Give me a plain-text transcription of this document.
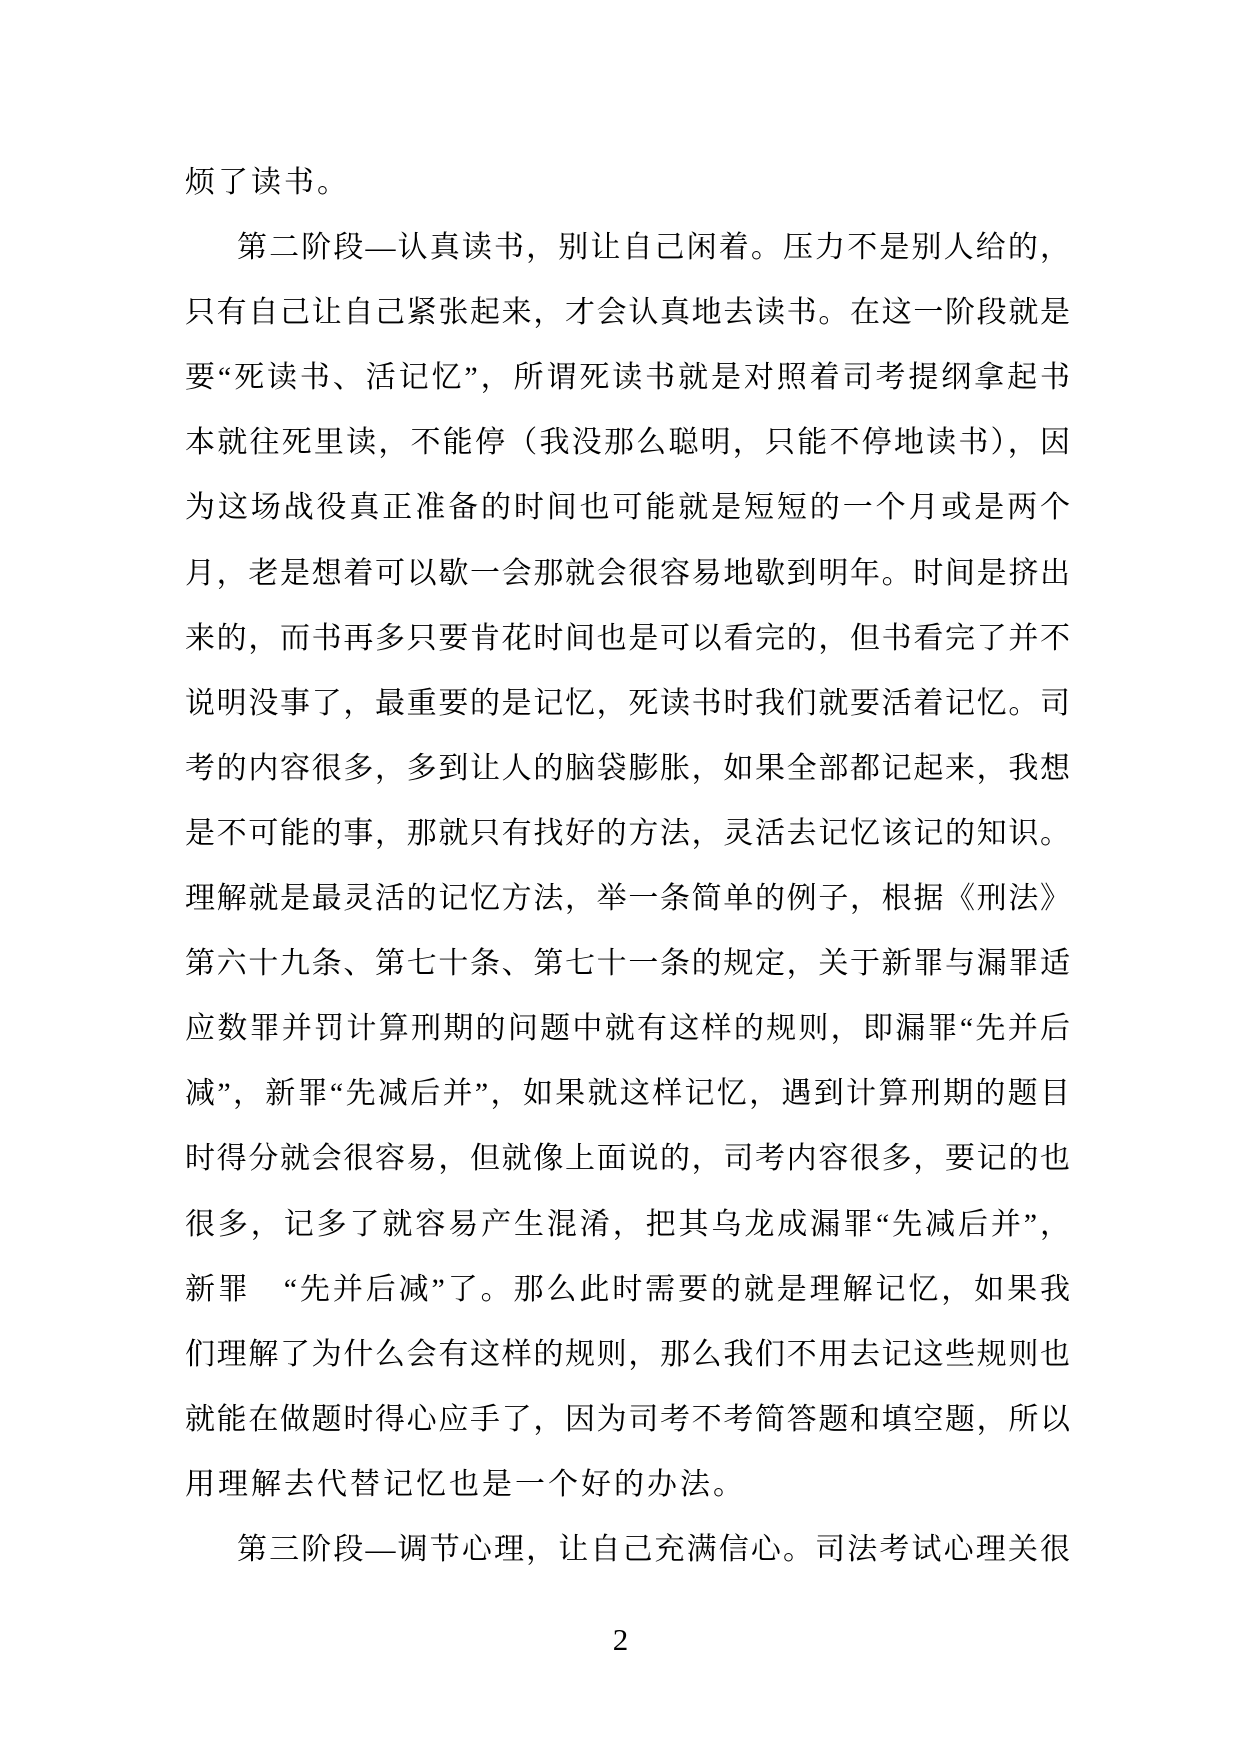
烦了读书。
第二阶段—认真读书，别让自己闲着。压力不是别人给的，
只有自己让自己紧张起来，才会认真地去读书。在这一阶段就是
要“死读书、活记忆”，所谓死读书就是对照着司考提纲拿起书
本就往死里读，不能停（我没那么聪明，只能不停地读书），因
为这场战役真正准备的时间也可能就是短短的一个月或是两个
月，老是想着可以歇一会那就会很容易地歇到明年。时间是挤出
来的，而书再多只要肯花时间也是可以看完的，但书看完了并不
说明没事了，最重要的是记忆，死读书时我们就要活着记忆。司
考的内容很多，多到让人的脑袋膨胀，如果全部都记起来，我想
是不可能的事，那就只有找好的方法，灵活去记忆该记的知识。
理解就是最灵活的记忆方法，举一条简单的例子，根据《刑法》
第六十九条、第七十条、第七十一条的规定，关于新罪与漏罪适
应数罪并罚计算刑期的问题中就有这样的规则，即漏罪“先并后
减”，新罪“先减后并”，如果就这样记忆，遇到计算刑期的题目
时得分就会很容易，但就像上面说的，司考内容很多，要记的也
很多，记多了就容易产生混淆，把其乌龙成漏罪“先减后并”，
新罪　“先并后减”了。那么此时需要的就是理解记忆，如果我
们理解了为什么会有这样的规则，那么我们不用去记这些规则也
就能在做题时得心应手了，因为司考不考简答题和填空题，所以
用理解去代替记忆也是一个好的办法。
第三阶段—调节心理，让自己充满信心。司法考试心理关很
2
